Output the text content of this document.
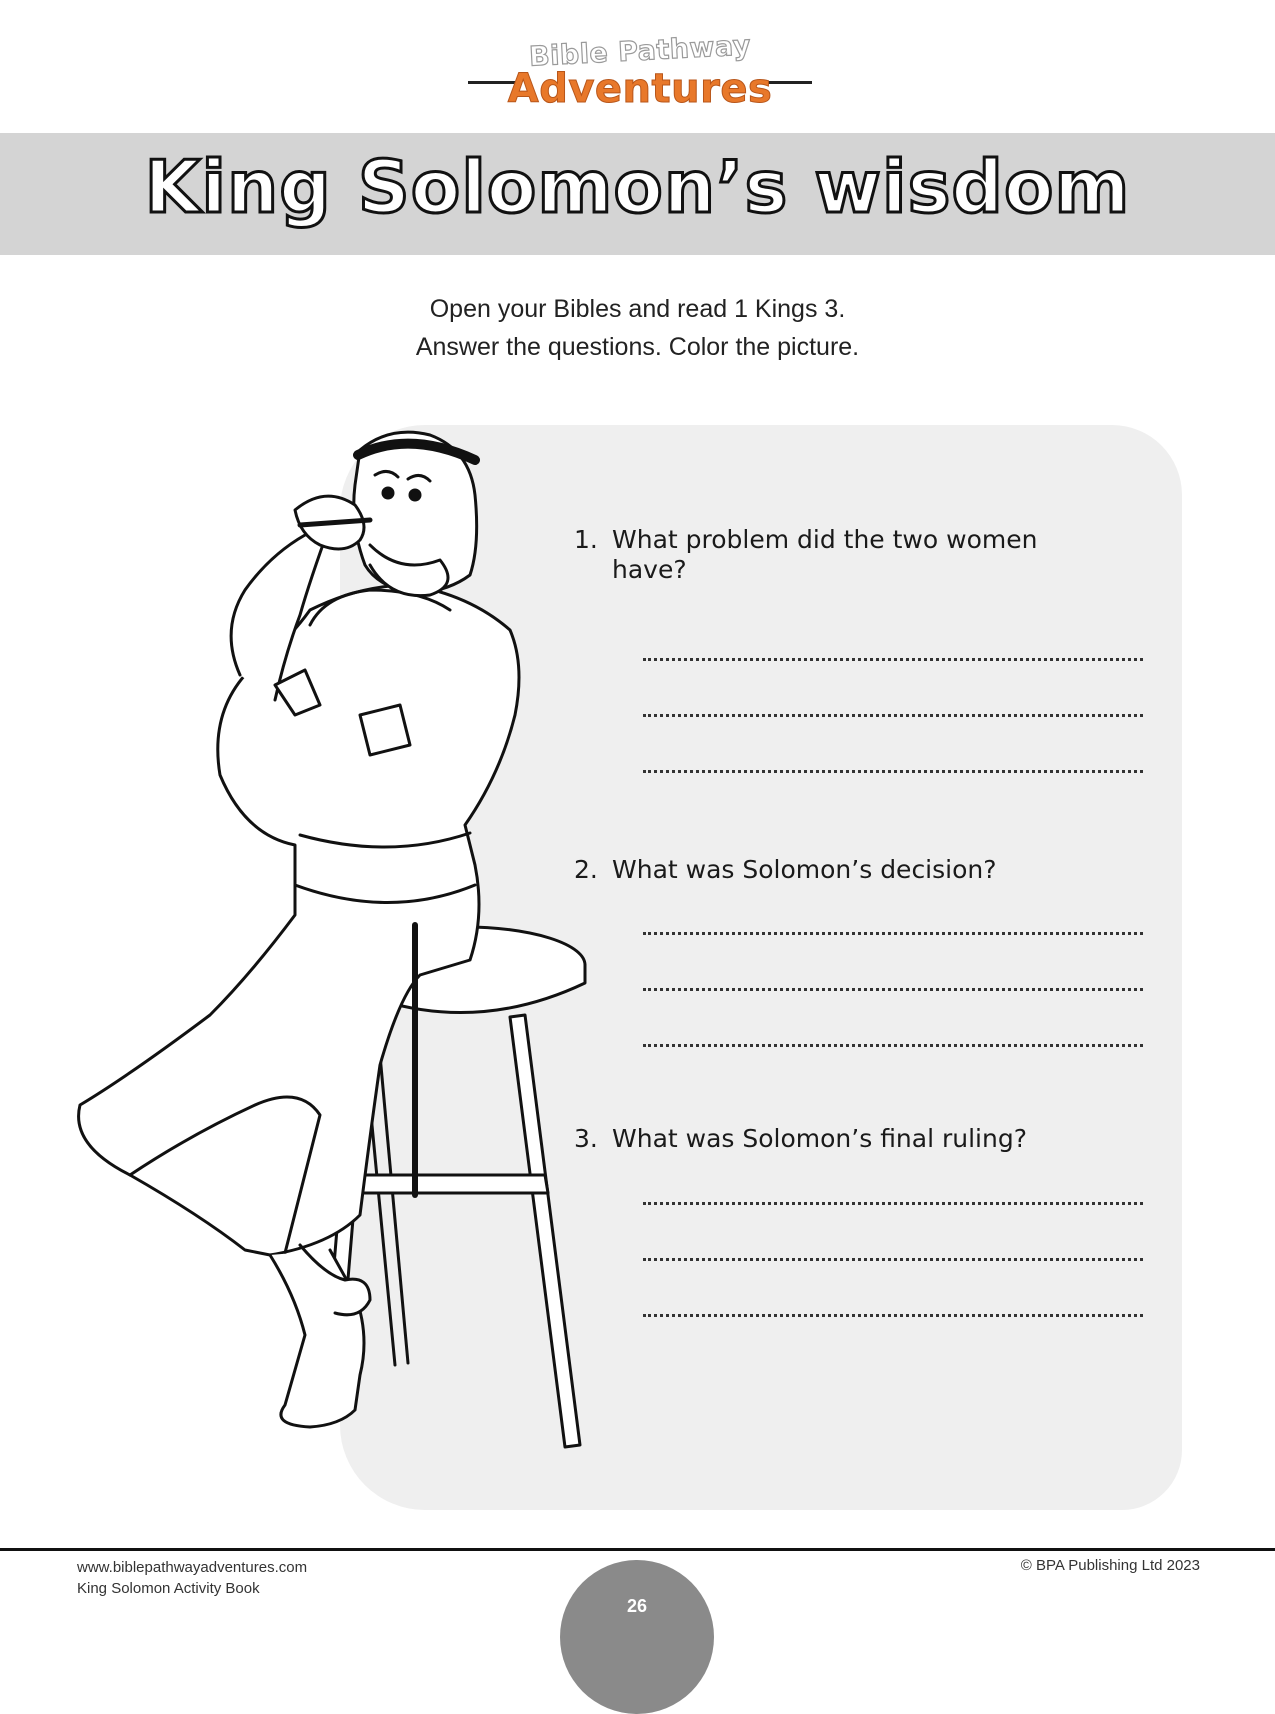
Bible Pathway
Adventures
King Solomon’s wisdom
Open your Bibles and read 1 Kings 3.
Answer the questions. Color the picture.
1. What problem did the two women have?
2. What was Solomon’s decision?
3. What was Solomon’s final ruling?
www.biblepathwayadventures.com
King Solomon Activity Book
© BPA Publishing Ltd 2023
26
